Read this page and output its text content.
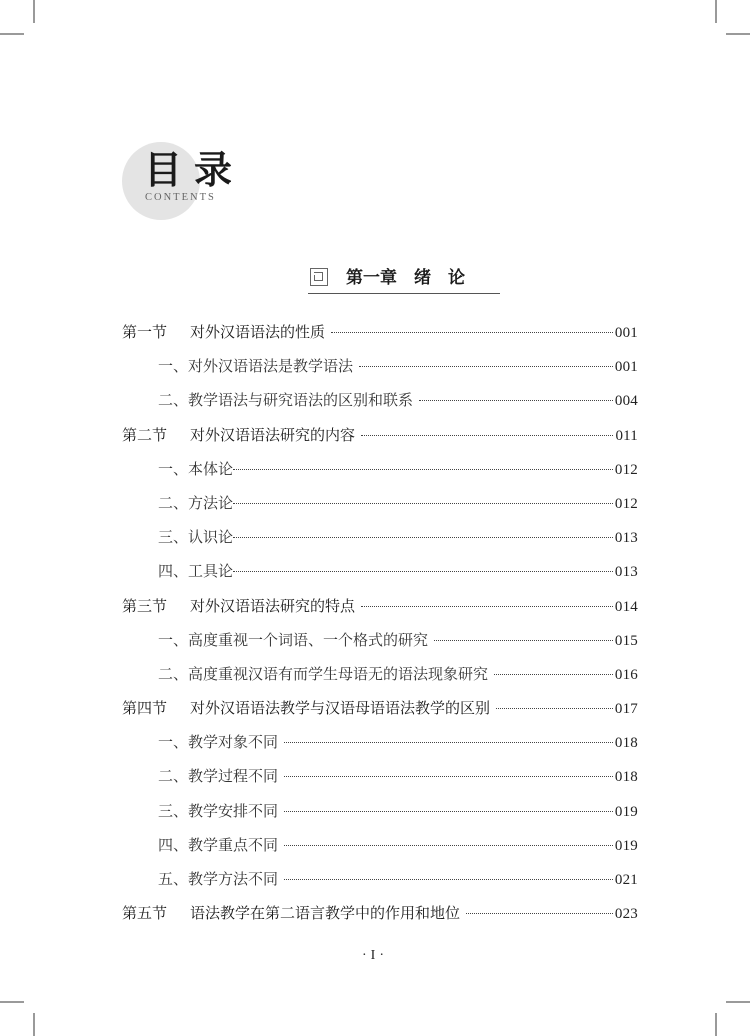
目录
CONTENTS
第一章　绪　论
第一节	对外汉语语法的性质	001
一、对外汉语语法是教学语法	001
二、教学语法与研究语法的区别和联系	004
第二节	对外汉语语法研究的内容	011
一、本体论	012
二、方法论	012
三、认识论	013
四、工具论	013
第三节	对外汉语语法研究的特点	014
一、高度重视一个词语、一个格式的研究	015
二、高度重视汉语有而学生母语无的语法现象研究	016
第四节	对外汉语语法教学与汉语母语语法教学的区别	017
一、教学对象不同	018
二、教学过程不同	018
三、教学安排不同	019
四、教学重点不同	019
五、教学方法不同	021
第五节	语法教学在第二语言教学中的作用和地位	023
·I·
